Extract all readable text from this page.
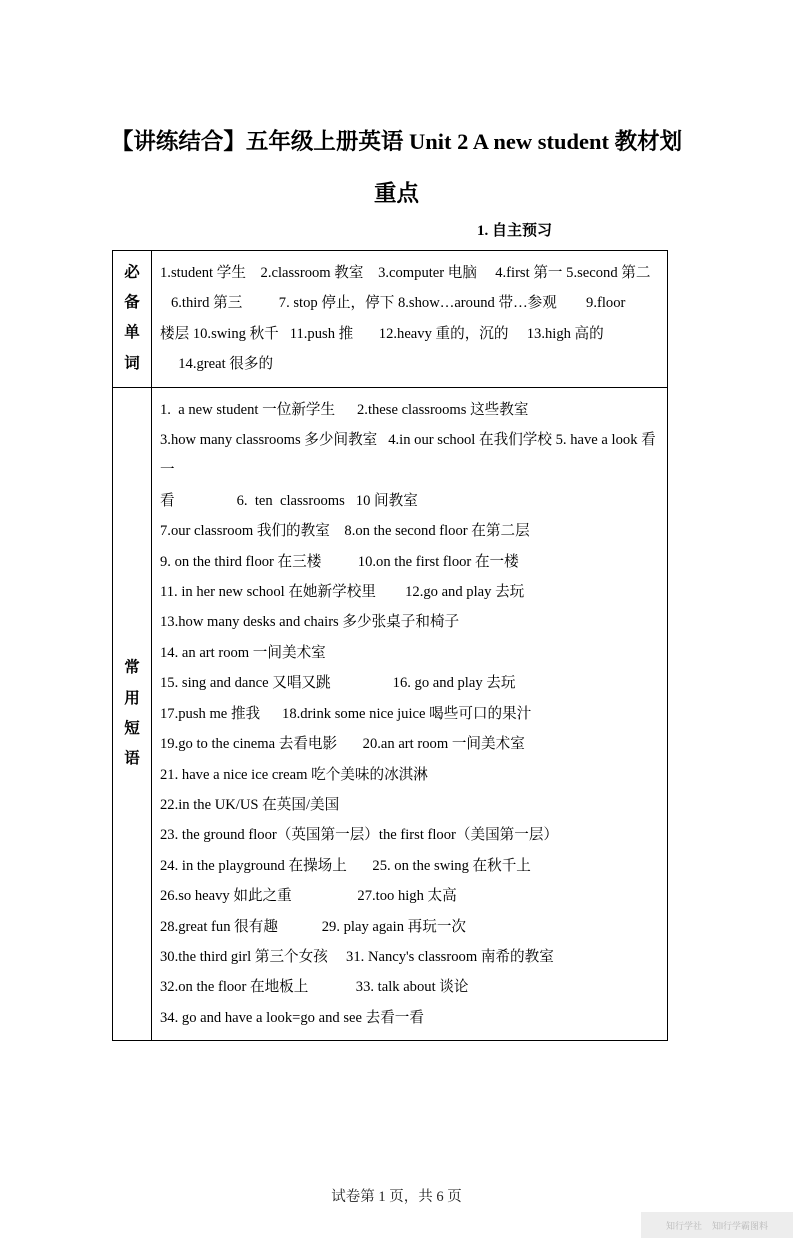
【讲练结合】五年级上册英语 Unit 2 A new student 教材划重点
1. 自主预习
必备单词	1.student 学生    2.classroom 教室    3.computer 电脑     4.first 第一 5.second 第二
6.third 第三          7. stop 停止，停下 8.show…around 带…参观        9.floor
楼层 10.swing 秋千   11.push 推       12.heavy 重的，沉的     13.high 高的
14.great 很多的

常用短语

1.  a new student 一位新学生      2.these classrooms 这些教室
3.how many classrooms 多少间教室   4.in our school 在我们学校 5. have a look 看一
看                 6.  ten  classrooms   10 间教室
7.our classroom 我们的教室    8.on the second floor 在第二层
9. on the third floor 在三楼          10.on the first floor 在一楼
11. in her new school 在她新学校里        12.go and play 去玩
13.how many desks and chairs 多少张桌子和椅子
14. an art room 一间美术室
15. sing and dance 又唱又跳                 16. go and play 去玩
17.push me 推我      18.drink some nice juice 喝些可口的果汁
19.go to the cinema 去看电影       20.an art room 一间美术室
21. have a nice ice cream 吃个美味的冰淇淋
22.in the UK/US 在英国/美国
23. the ground floor（英国第一层）the first floor（美国第一层）
24. in the playground 在操场上       25. on the swing 在秋千上
26.so heavy 如此之重                  27.too high 太高
28.great fun 很有趣            29. play again 再玩一次
30.the third girl 第三个女孩     31. Nancy's classroom 南希的教室
32.on the floor 在地板上             33. talk about 谈论
34. go and have a look=go and see 去看一看
试卷第 1 页，共 6 页
知行学社 知l行学霸图料
